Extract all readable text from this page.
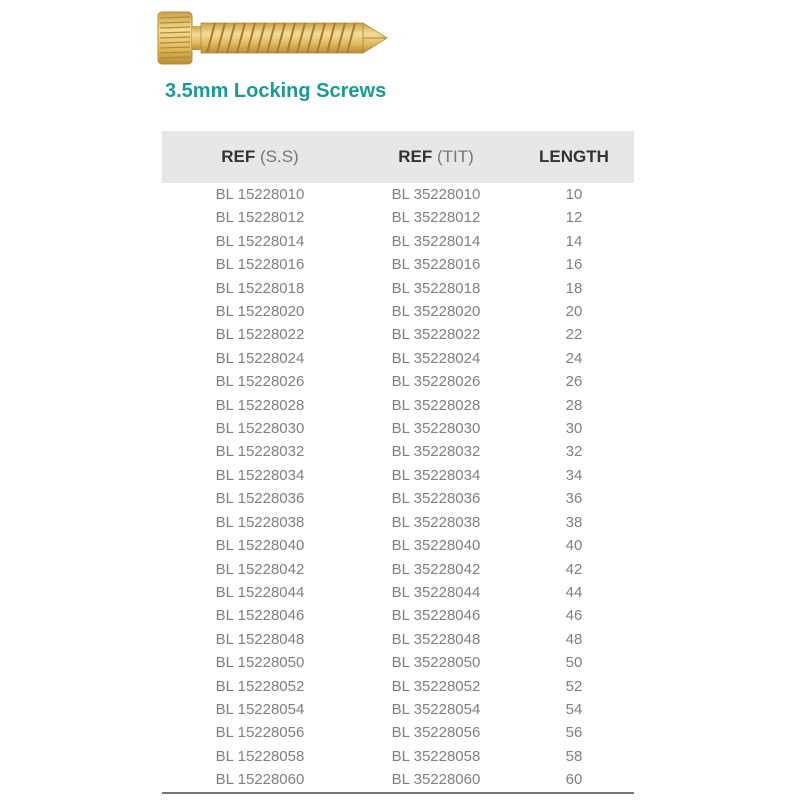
3.5mm Locking Screws
REF (S.S)	REF (TIT)	LENGTH
BL 15228010	BL 35228010	10
BL 15228012	BL 35228012	12
BL 15228014	BL 35228014	14
BL 15228016	BL 35228016	16
BL 15228018	BL 35228018	18
BL 15228020	BL 35228020	20
BL 15228022	BL 35228022	22
BL 15228024	BL 35228024	24
BL 15228026	BL 35228026	26
BL 15228028	BL 35228028	28
BL 15228030	BL 35228030	30
BL 15228032	BL 35228032	32
BL 15228034	BL 35228034	34
BL 15228036	BL 35228036	36
BL 15228038	BL 35228038	38
BL 15228040	BL 35228040	40
BL 15228042	BL 35228042	42
BL 15228044	BL 35228044	44
BL 15228046	BL 35228046	46
BL 15228048	BL 35228048	48
BL 15228050	BL 35228050	50
BL 15228052	BL 35228052	52
BL 15228054	BL 35228054	54
BL 15228056	BL 35228056	56
BL 15228058	BL 35228058	58
BL 15228060	BL 35228060	60
